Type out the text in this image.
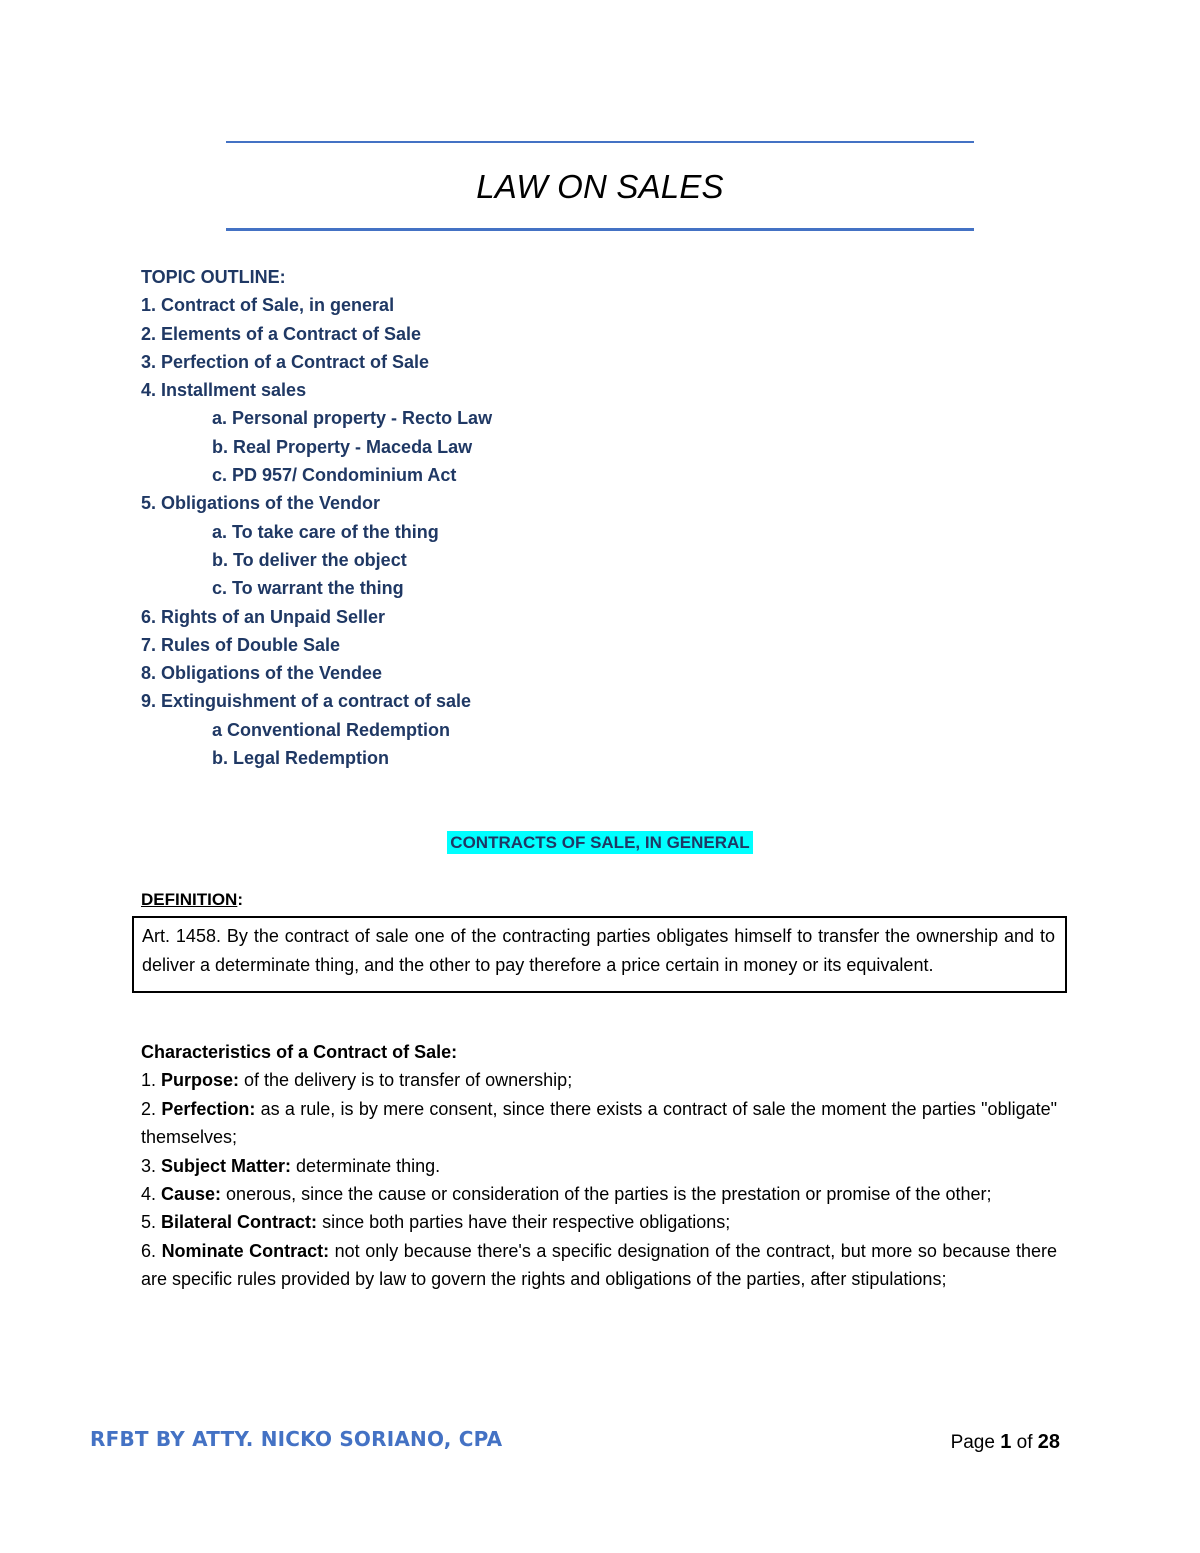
LAW ON SALES
TOPIC OUTLINE:
1. Contract of Sale, in general
2. Elements of a Contract of Sale
3. Perfection of a Contract of Sale
4. Installment sales
a. Personal property - Recto Law
b. Real Property - Maceda Law
c. PD 957/ Condominium Act
5. Obligations of the Vendor
a. To take care of the thing
b. To deliver the object
c. To warrant the thing
6. Rights of an Unpaid Seller
7. Rules of Double Sale
8. Obligations of the Vendee
9. Extinguishment of a contract of sale
a Conventional Redemption
b. Legal Redemption
CONTRACTS OF SALE, IN GENERAL
DEFINITION:
Art. 1458. By the contract of sale one of the contracting parties obligates himself to transfer the ownership and to deliver a determinate thing, and the other to pay therefore a price certain in money or its equivalent.
Characteristics of a Contract of Sale:
1. Purpose: of the delivery is to transfer of ownership;
2. Perfection: as a rule, is by mere consent, since there exists a contract of sale the moment the parties "obligate" themselves;
3. Subject Matter: determinate thing.
4. Cause: onerous, since the cause or consideration of the parties is the prestation or promise of the other;
5. Bilateral Contract: since both parties have their respective obligations;
6. Nominate Contract: not only because there's a specific designation of the contract, but more so because there are specific rules provided by law to govern the rights and obligations of the parties, after stipulations;
RFBT BY ATTY. NICKO SORIANO, CPA	Page 1 of 28
